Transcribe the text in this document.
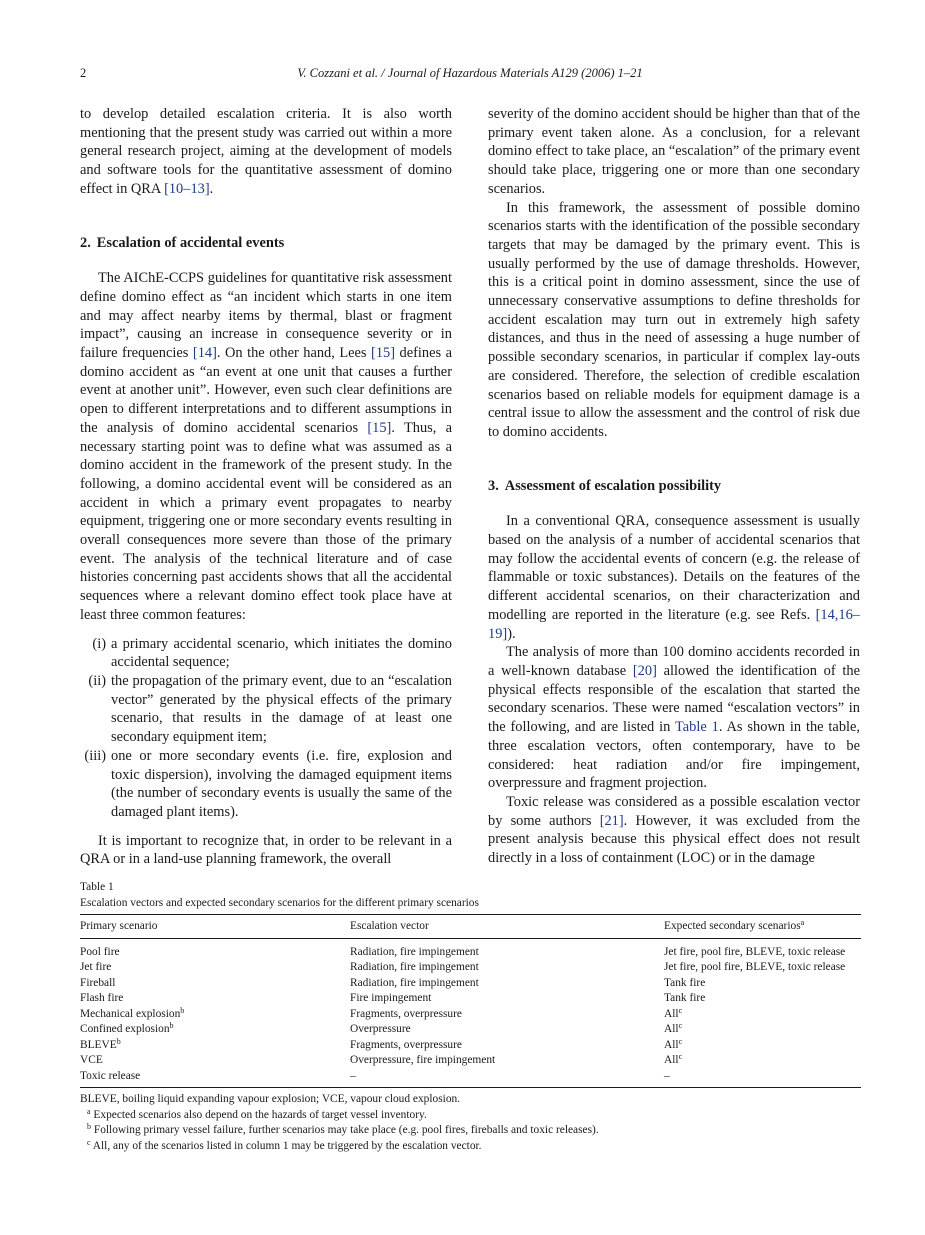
2	V. Cozzani et al. / Journal of Hazardous Materials A129 (2006) 1–21

to develop detailed escalation criteria. It is also worth mentioning that the present study was carried out within a more general research project, aiming at the development of models and software tools for the quantitative assessment of domino effect in QRA [10–13].

2. Escalation of accidental events

The AIChE-CCPS guidelines for quantitative risk assessment define domino effect as “an incident which starts in one item and may affect nearby items by thermal, blast or fragment impact”, causing an increase in consequence severity or in failure frequencies [14]. On the other hand, Lees [15] defines a domino accident as “an event at one unit that causes a further event at another unit”. However, even such clear definitions are open to different interpretations and to different assumptions in the analysis of domino accidental scenarios [15]. Thus, a necessary starting point was to define what was assumed as a domino accident in the framework of the present study. In the following, a domino accidental event will be considered as an accident in which a primary event propagates to nearby equipment, triggering one or more secondary events resulting in overall consequences more severe than those of the primary event. The analysis of the technical literature and of case histories concerning past accidents shows that all the accidental sequences where a relevant domino effect took place have at least three common features:

(i) a primary accidental scenario, which initiates the domino accidental sequence;
(ii) the propagation of the primary event, due to an “escalation vector” generated by the physical effects of the primary scenario, that results in the damage of at least one secondary equipment item;
(iii) one or more secondary events (i.e. fire, explosion and toxic dispersion), involving the damaged equipment items (the number of secondary events is usually the same of the damaged plant items).

It is important to recognize that, in order to be relevant in a QRA or in a land-use planning framework, the overall

severity of the domino accident should be higher than that of the primary event taken alone. As a conclusion, for a relevant domino effect to take place, an “escalation” of the primary event should take place, triggering one or more than one secondary scenarios.

In this framework, the assessment of possible domino scenarios starts with the identification of the possible secondary targets that may be damaged by the primary event. This is usually performed by the use of damage thresholds. However, this is a critical point in domino assessment, since the use of unnecessary conservative assumptions to define thresholds for accident escalation may turn out in extremely high safety distances, and thus in the need of assessing a huge number of possible secondary scenarios, in particular if complex lay-outs are considered. Therefore, the selection of credible escalation scenarios based on reliable models for equipment damage is a central issue to allow the assessment and the control of risk due to domino accidents.

3. Assessment of escalation possibility

In a conventional QRA, consequence assessment is usually based on the analysis of a number of accidental scenarios that may follow the accidental events of concern (e.g. the release of flammable or toxic substances). Details on the features of the different accidental scenarios, on their characterization and modelling are reported in the literature (e.g. see Refs. [14,16–19]).

The analysis of more than 100 domino accidents recorded in a well-known database [20] allowed the identification of the physical effects responsible of the escalation that started the secondary scenarios. These were named “escalation vectors” in the following, and are listed in Table 1. As shown in the table, three escalation vectors, often contemporary, have to be considered: heat radiation and/or fire impingement, overpressure and fragment projection.

Toxic release was considered as a possible escalation vector by some authors [21]. However, it was excluded from the present analysis because this physical effect does not result directly in a loss of containment (LOC) or in the damage

Table 1

Escalation vectors and expected secondary scenarios for the different primary scenarios

Primary scenario	Escalation vector	Expected secondary scenarios$^a$
Pool fire	Radiation, fire impingement	Jet fire, pool fire, BLEVE, toxic release
Jet fire	Radiation, fire impingement	Jet fire, pool fire, BLEVE, toxic release
Fireball	Radiation, fire impingement	Tank fire
Flash fire	Fire impingement	Tank fire
Mechanical explosion$^b$	Fragments, overpressure	All$^c$
Confined explosion$^b$	Overpressure	All$^c$
BLEVE$^b$	Fragments, overpressure	All$^c$
VCE	Overpressure, fire impingement	All$^c$
Toxic release	–	–

BLEVE, boiling liquid expanding vapour explosion; VCE, vapour cloud explosion.

$^a$ Expected scenarios also depend on the hazards of target vessel inventory.

$^b$ Following primary vessel failure, further scenarios may take place (e.g. pool fires, fireballs and toxic releases).

$^c$ All, any of the scenarios listed in column 1 may be triggered by the escalation vector.
